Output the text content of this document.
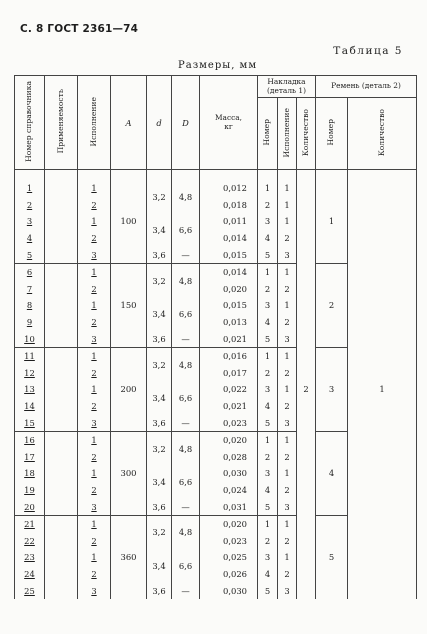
С. 8 ГОСТ 2361—74
Таблица 5
Размеры, мм
Номер справочника	Применяемость	Исполнение	A	d	D	Масса, кг	Накладка (деталь 1)			Ремень (деталь 2)	
							Номер	Исполнение	Количество	Номер	Количество
1		1	100	3,2	4,8	0,012	1	1	2	1	1
2		2				0,018	2	1			
3		1		3,4	6,6	0,011	3	1			
4		2				0,014	4	2			
5		3		3,6	—	0,015	5	3			
6		1	150	3,2	4,8	0,014	1	1		2	
7		2				0,020	2	2			
8		1		3,4	6,6	0,015	3	1			
9		2				0,013	4	2			
10		3		3,6	—	0,021	5	3			
11		1	200	3,2	4,8	0,016	1	1		3	
12		2				0,017	2	2			
13		1		3,4	6,6	0,022	3	1			
14		2				0,021	4	2			
15		3		3,6	—	0,023	5	3			
16		1	300	3,2	4,8	0,020	1	1		4	
17		2				0,028	2	2			
18		1		3,4	6,6	0,030	3	1			
19		2				0,024	4	2			
20		3		3,6	—	0,031	5	3			
21		1	360	3,2	4,8	0,020	1	1		5	
22		2				0,023	2	2			
23		1		3,4	6,6	0,025	3	1			
24		2				0,026	4	2			
25		3		3,6	—	0,030	5	3			
